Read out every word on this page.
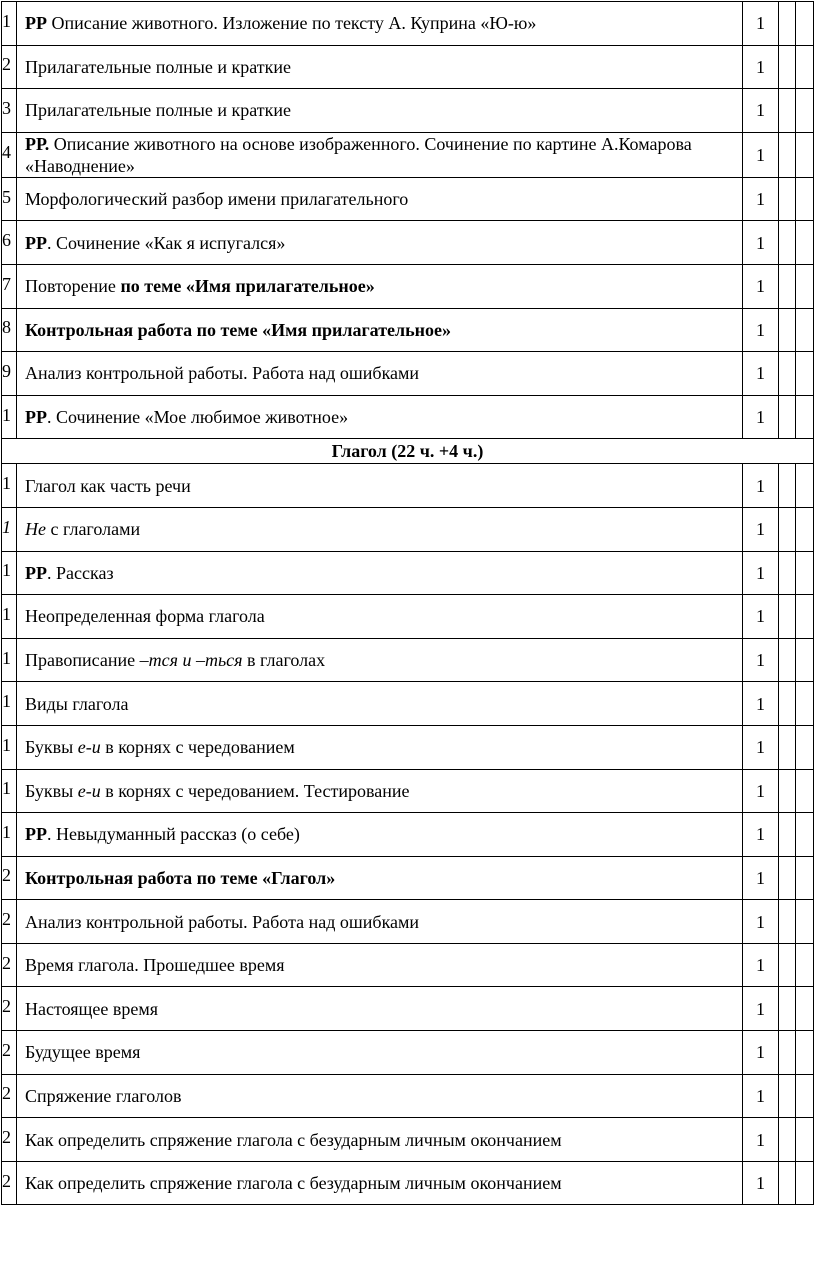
1	РР Описание животного. Изложение по тексту А. Куприна «Ю-ю»	1		
2	Прилагательные полные и краткие	1		
3	Прилагательные полные и краткие	1		
4	РР. Описание животного на основе изображенного. Сочинение по картине А.Комарова «Наводнение»	1		
5	Морфологический разбор имени прилагательного	1		
6	РР. Сочинение «Как я испугался»	1		
7	Повторение по теме «Имя прилагательное»	1		
8	Контрольная работа по теме «Имя прилагательное»	1		
9	Анализ контрольной работы. Работа над ошибками	1		
1	РР. Сочинение «Мое любимое животное»	1		
Глагол (22 ч. +4 ч.)				
1	Глагол как часть речи	1		
1	Не с глаголами	1		
1	РР. Рассказ	1		
1	Неопределенная форма глагола	1		
1	Правописание –тся и –ться в глаголах	1		
1	Виды глагола	1		
1	Буквы е-и в корнях с чередованием	1		
1	Буквы е-и в корнях с чередованием. Тестирование	1		
1	РР. Невыдуманный рассказ (о себе)	1		
2	Контрольная работа по теме «Глагол»	1		
2	Анализ контрольной работы. Работа над ошибками	1		
2	Время глагола. Прошедшее время	1		
2	Настоящее время	1		
2	Будущее время	1		
2	Спряжение глаголов	1		
2	Как определить спряжение глагола с безударным личным окончанием	1		
2	Как определить спряжение глагола с безударным личным окончанием	1		
